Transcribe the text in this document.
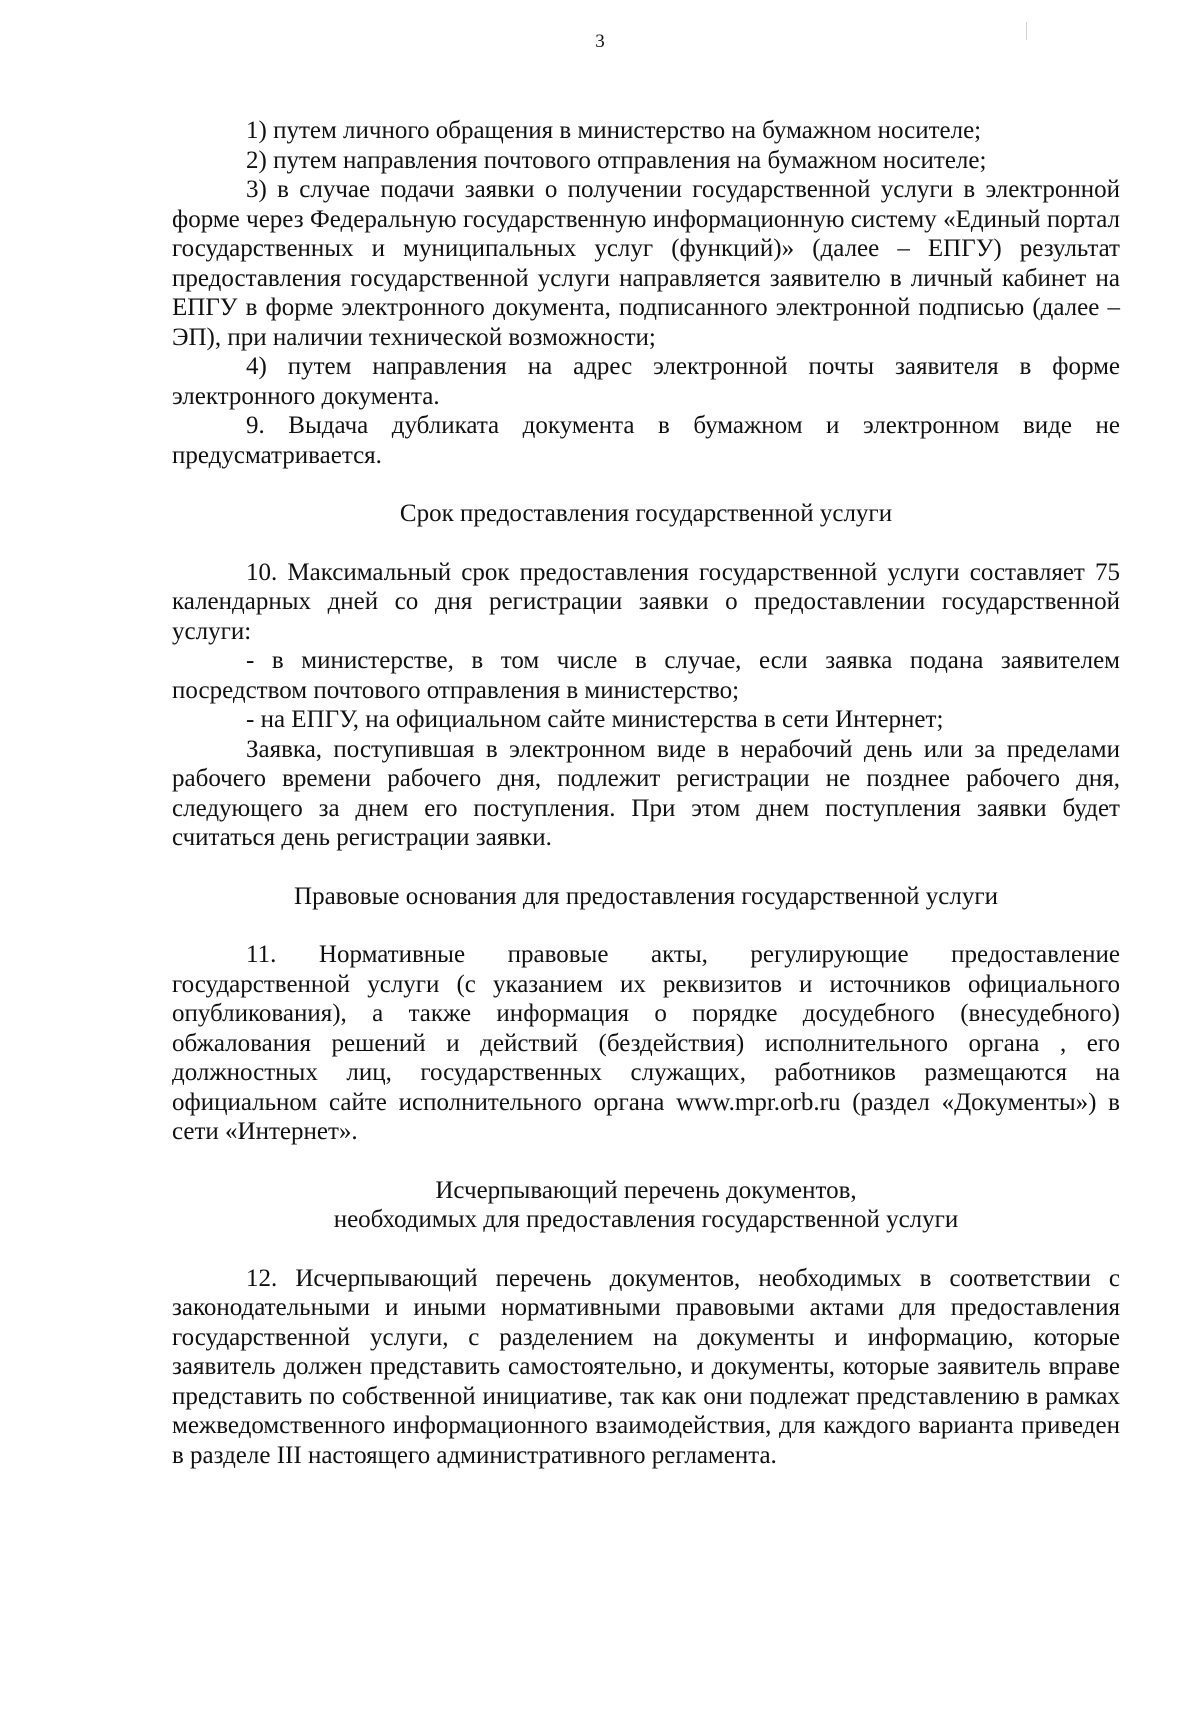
3

1) путем личного обращения в министерство на бумажном носителе;

2) путем направления почтового отправления на бумажном носителе;

3) в случае подачи заявки о получении государственной услуги в электронной форме через Федеральную государственную информационную систему «Единый портал государственных и муниципальных услуг (функций)» (далее – ЕПГУ) результат предоставления государственной услуги направляется заявителю в личный кабинет на ЕПГУ в форме электронного документа, подписанного электронной подписью (далее – ЭП), при наличии технической возможности;

4) путем направления на адрес электронной почты заявителя в форме электронного документа.

9. Выдача дубликата документа в бумажном и электронном виде не предусматривается.

Срок предоставления государственной услуги

10. Максимальный срок предоставления государственной услуги составляет 75 календарных дней со дня регистрации заявки о предоставлении государственной услуги:

- в министерстве, в том числе в случае, если заявка подана заявителем посредством почтового отправления в министерство;

- на ЕПГУ, на официальном сайте министерства в сети Интернет;

Заявка, поступившая в электронном виде в нерабочий день или за пределами рабочего времени рабочего дня, подлежит регистрации не позднее рабочего дня, следующего за днем его поступления. При этом днем поступления заявки будет считаться день регистрации заявки.

Правовые основания для предоставления государственной услуги

11. Нормативные правовые акты, регулирующие предоставление государственной услуги (с указанием их реквизитов и источников официального опубликования), а также информация о порядке досудебного (внесудебного) обжалования решений и действий (бездействия) исполнительного органа , его должностных лиц, государственных служащих, работников размещаются на официальном сайте исполнительного органа www.mpr.orb.ru (раздел «Документы») в сети «Интернет».

Исчерпывающий перечень документов,

необходимых для предоставления государственной услуги

12. Исчерпывающий перечень документов, необходимых в соответствии с законодательными и иными нормативными правовыми актами для предоставления государственной услуги, с разделением на документы и информацию, которые заявитель должен представить самостоятельно, и документы, которые заявитель вправе представить по собственной инициативе, так как они подлежат представлению в рамках межведомственного информационного взаимодействия, для каждого варианта приведен в разделе III настоящего административного регламента.
